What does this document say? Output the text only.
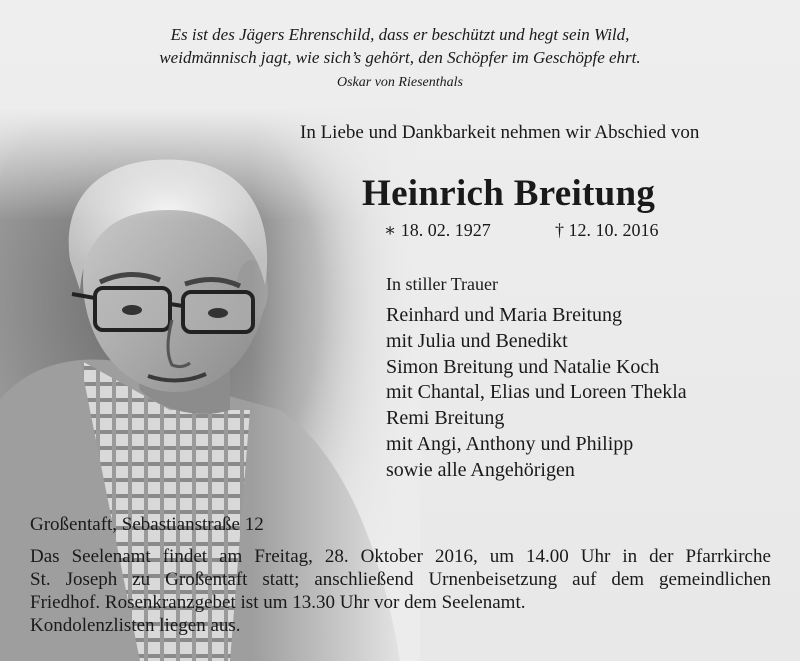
Es ist des Jägers Ehrenschild, dass er beschützt und hegt sein Wild,
weidmännisch jagt, wie sich’s gehört, den Schöpfer im Geschöpfe ehrt.
Oskar von Riesenthals
In Liebe und Dankbarkeit nehmen wir Abschied von
Heinrich Breitung
∗ 18. 02. 1927	† 12. 10. 2016
In stiller Trauer
Reinhard und Maria Breitung
mit Julia und Benedikt
Simon Breitung und Natalie Koch
mit Chantal, Elias und Loreen Thekla
Remi Breitung
mit Angi, Anthony und Philipp
sowie alle Angehörigen
Großentaft, Sebastianstraße 12
Das Seelenamt findet am Freitag, 28. Oktober 2016, um 14.00 Uhr in der Pfarrkirche
St. Joseph zu Großentaft statt; anschließend Urnenbeisetzung auf dem gemeindlichen
Friedhof. Rosenkranzgebet ist um 13.30 Uhr vor dem Seelenamt.
Kondolenzlisten liegen aus.
